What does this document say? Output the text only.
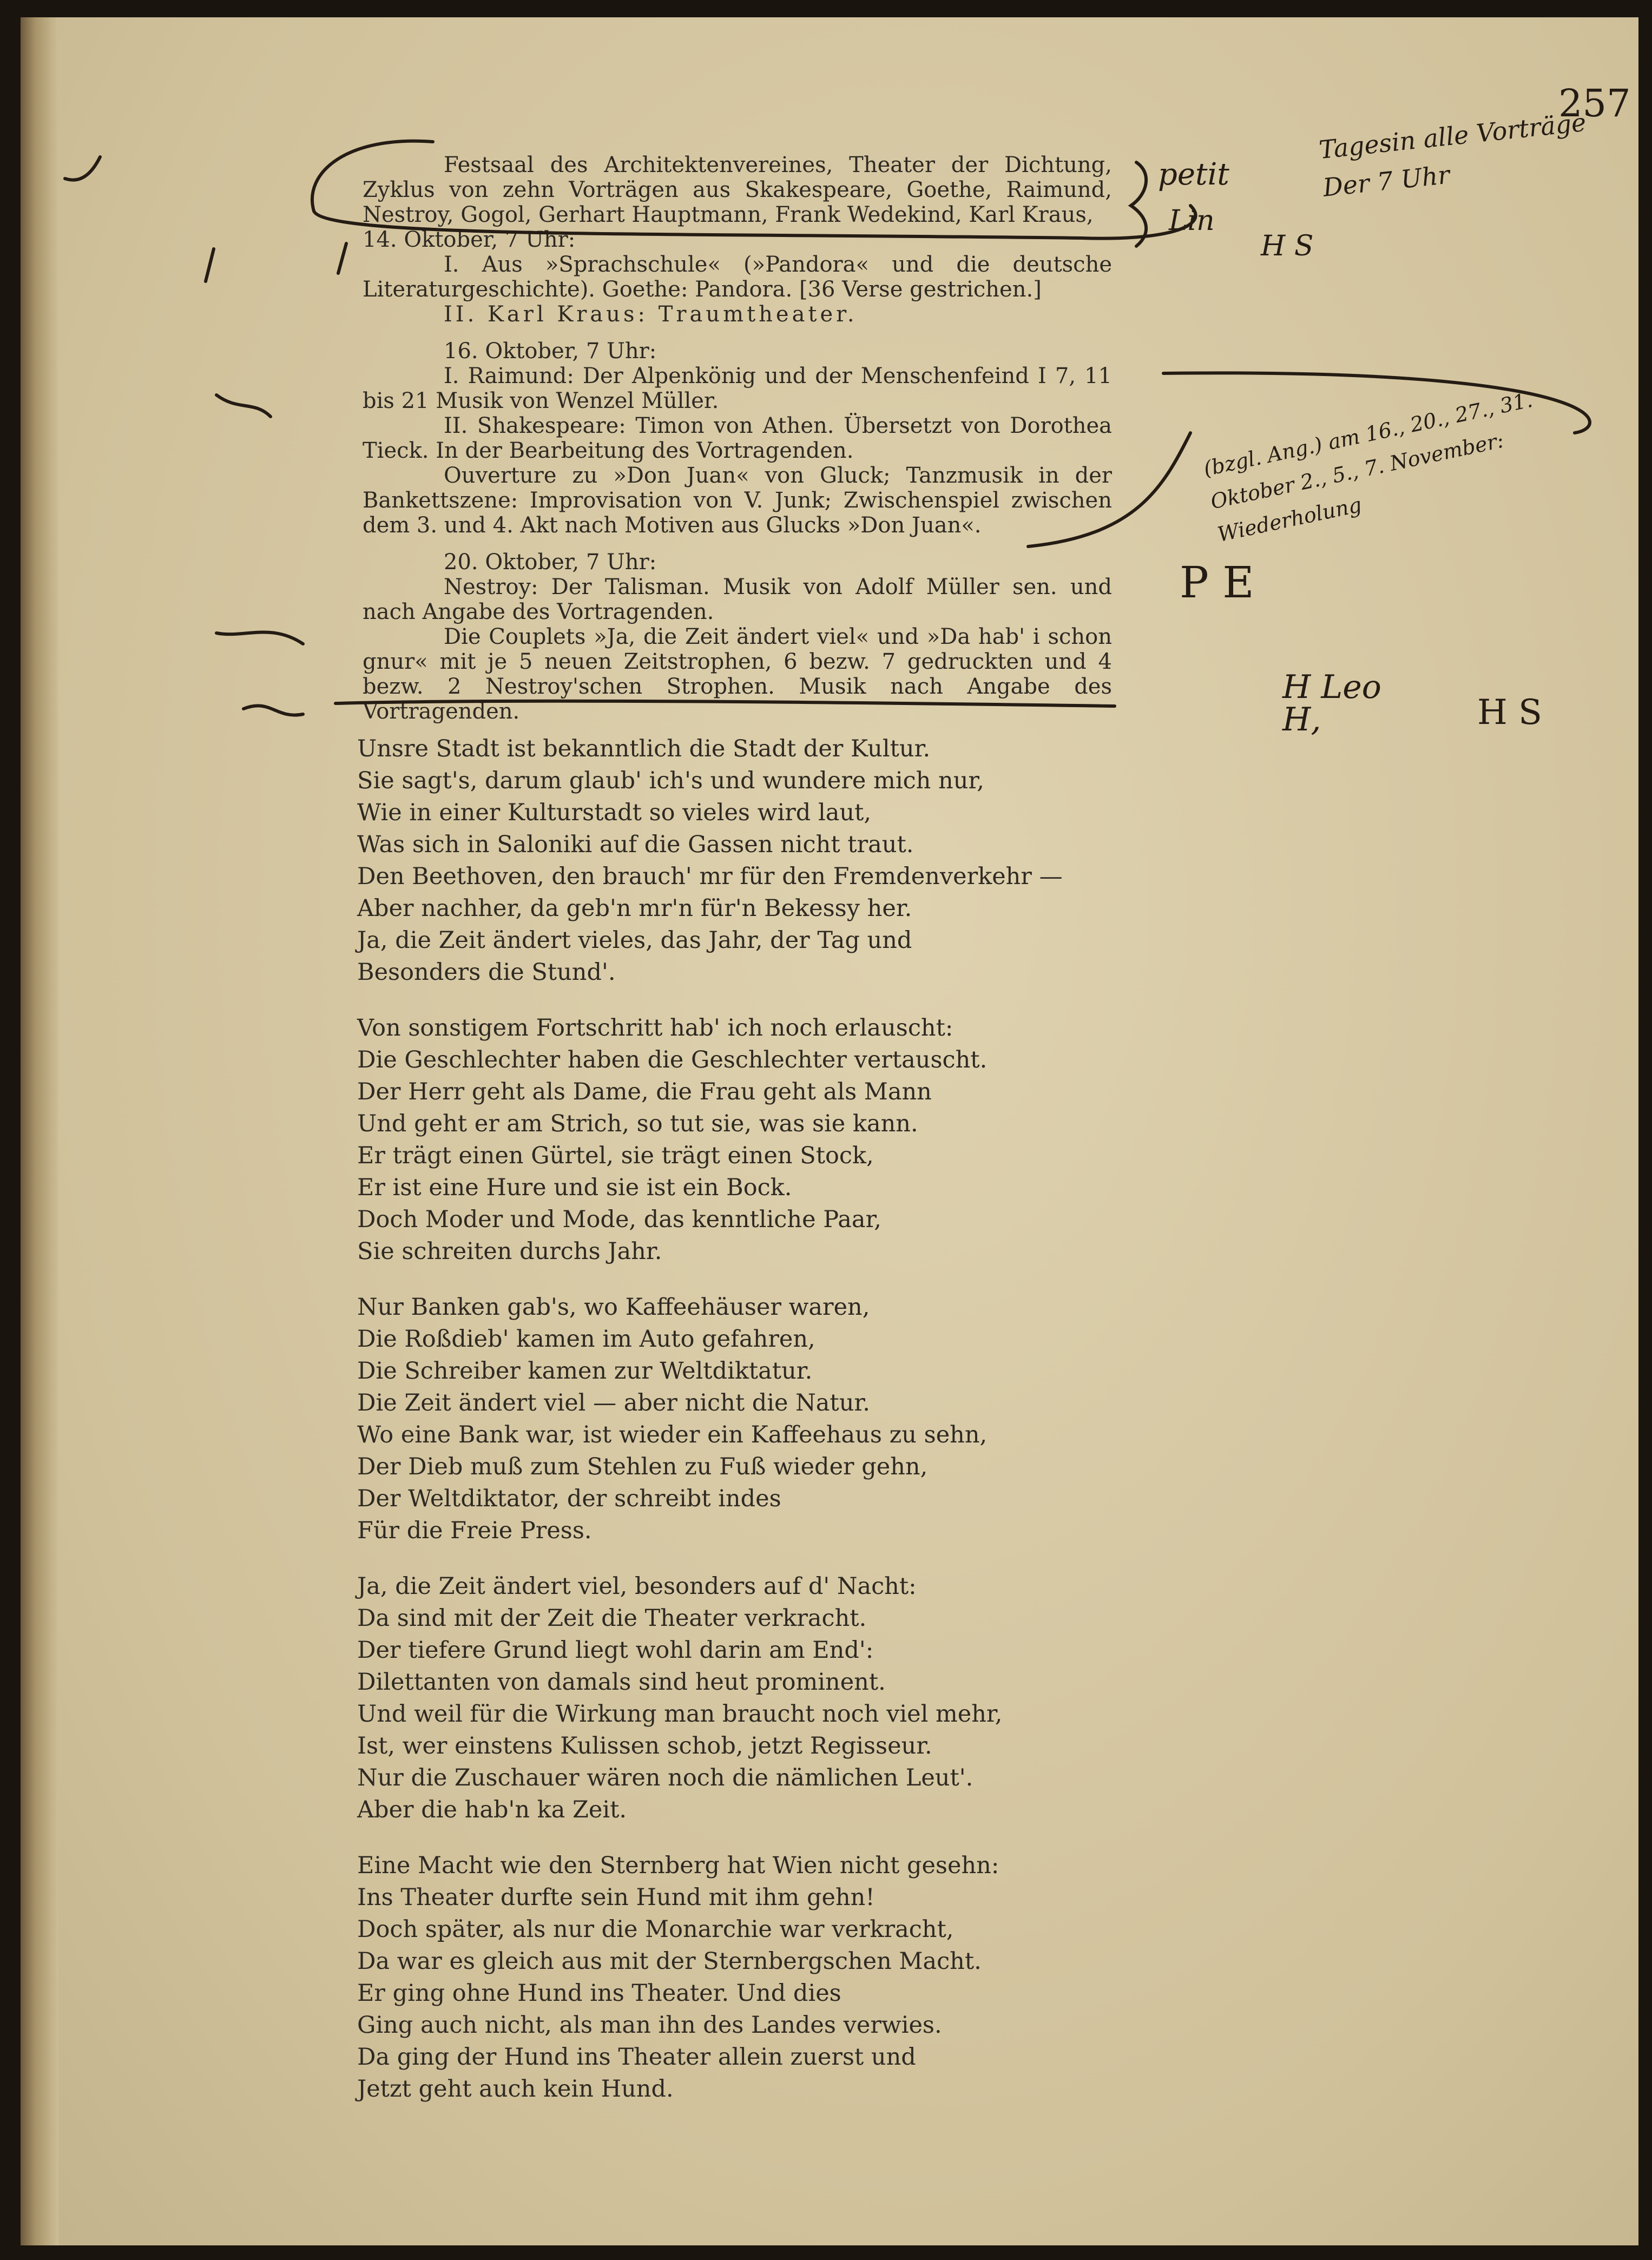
257

Festsaal des Architektenvereines, Theater der Dichtung, Zyklus von zehn Vorträgen aus Skakespeare, Goethe, Raimund, Nestroy, Gogol, Gerhart Hauptmann, Frank Wedekind, Karl Kraus,

14. Oktober, 7 Uhr:

I. Aus »Sprachschule« (»Pandora« und die deutsche Literaturgeschichte). Goethe: Pandora. [36 Verse gestrichen.]

II. Karl Kraus: Traumtheater.

16. Oktober, 7 Uhr:

I. Raimund: Der Alpenkönig und der Menschenfeind I 7, 11 bis 21 Musik von Wenzel Müller.

II. Shakespeare: Timon von Athen. Übersetzt von Dorothea Tieck. In der Bearbeitung des Vortragenden.

Ouverture zu »Don Juan« von Gluck; Tanzmusik in der Bankettszene: Improvisation von V. Junk; Zwischenspiel zwischen dem 3. und 4. Akt nach Motiven aus Glucks »Don Juan«.

20. Oktober, 7 Uhr:

Nestroy: Der Talisman. Musik von Adolf Müller sen. und nach Angabe des Vortragenden.

Die Couplets »Ja, die Zeit ändert viel« und »Da hab' i schon gnur« mit je 5 neuen Zeitstrophen, 6 bezw. 7 gedruckten und 4 bezw. 2 Nestroy'schen Strophen. Musik nach Angabe des Vortragenden.

Unsre Stadt ist bekanntlich die Stadt der Kultur.
Sie sagt's, darum glaub' ich's und wundere mich nur,
Wie in einer Kulturstadt so vieles wird laut,
Was sich in Saloniki auf die Gassen nicht traut.
Den Beethoven, den brauch' mr für den Fremdenverkehr —
Aber nachher, da geb'n mr'n für'n Bekessy her.
Ja, die Zeit ändert vieles, das Jahr, der Tag und
Besonders die Stund'.
Von sonstigem Fortschritt hab' ich noch erlauscht:
Die Geschlechter haben die Geschlechter vertauscht.
Der Herr geht als Dame, die Frau geht als Mann
Und geht er am Strich, so tut sie, was sie kann.
Er trägt einen Gürtel, sie trägt einen Stock,
Er ist eine Hure und sie ist ein Bock.
Doch Moder und Mode, das kenntliche Paar,
Sie schreiten durchs Jahr.
Nur Banken gab's, wo Kaffeehäuser waren,
Die Roßdieb' kamen im Auto gefahren,
Die Schreiber kamen zur Weltdiktatur.
Die Zeit ändert viel — aber nicht die Natur.
Wo eine Bank war, ist wieder ein Kaffeehaus zu sehn,
Der Dieb muß zum Stehlen zu Fuß wieder gehn,
Der Weltdiktator, der schreibt indes
Für die Freie Press.
Ja, die Zeit ändert viel, besonders auf d' Nacht:
Da sind mit der Zeit die Theater verkracht.
Der tiefere Grund liegt wohl darin am End':
Dilettanten von damals sind heut prominent.
Und weil für die Wirkung man braucht noch viel mehr,
Ist, wer einstens Kulissen schob, jetzt Regisseur.
Nur die Zuschauer wären noch die nämlichen Leut'.
Aber die hab'n ka Zeit.
Eine Macht wie den Sternberg hat Wien nicht gesehn:
Ins Theater durfte sein Hund mit ihm gehn!
Doch später, als nur die Monarchie war verkracht,
Da war es gleich aus mit der Sternbergschen Macht.
Er ging ohne Hund ins Theater. Und dies
Ging auch nicht, als man ihn des Landes verwies.
Da ging der Hund ins Theater allein zuerst und
Jetzt geht auch kein Hund.
Tagesin alle Vorträge Der 7 Uhr
petit
Lin
H S
(bzgl. Ang.) am 16., 20., 27., 31. Oktober 2., 5., 7. November: Wiederholung
P E
H Leo H,	H S
